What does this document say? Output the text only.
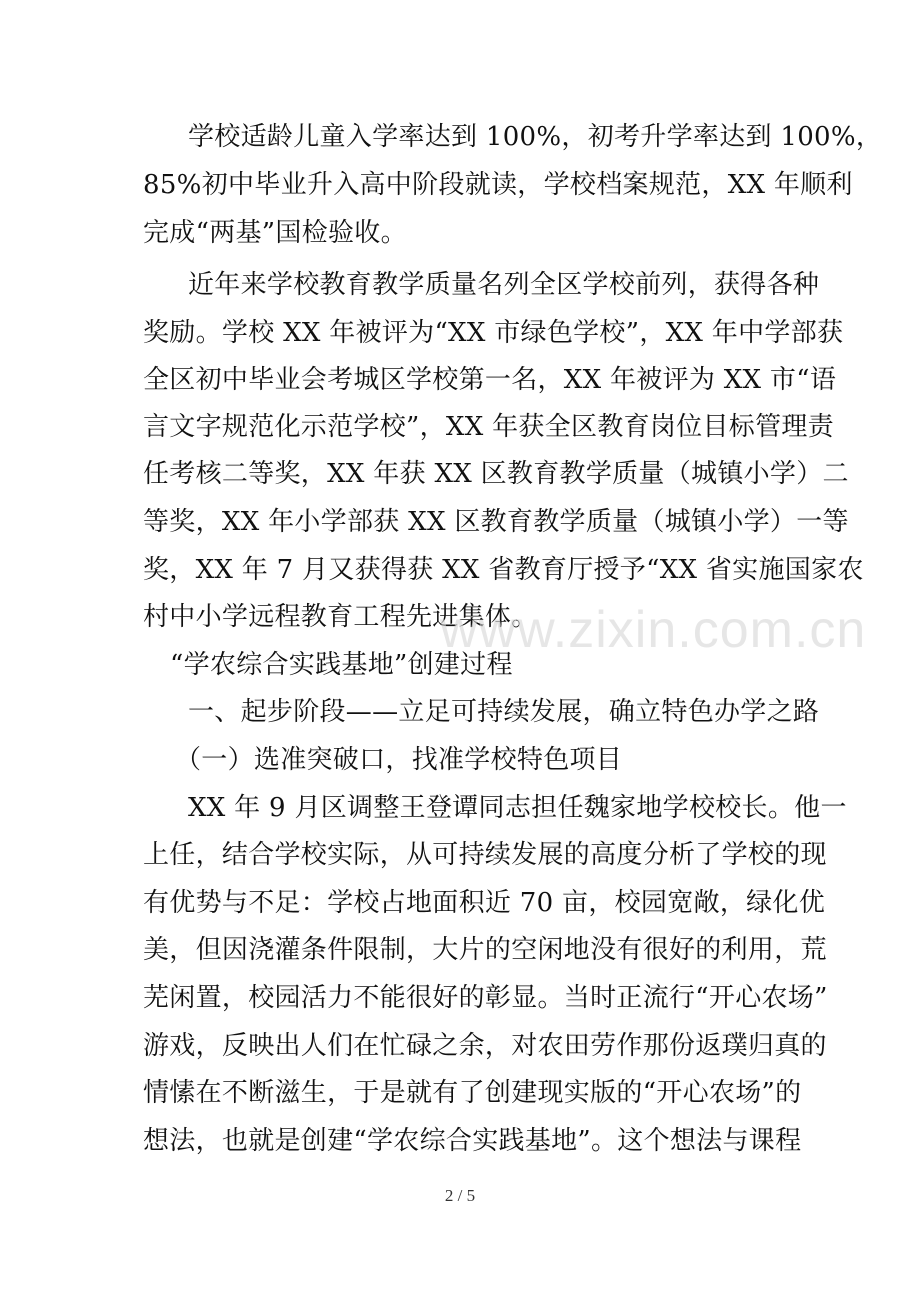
学校适龄儿童入学率达到 100%，初考升学率达到 100%，
85%初中毕业升入高中阶段就读，学校档案规范，XX 年顺利
完成“两基”国检验收。
近年来学校教育教学质量名列全区学校前列，获得各种
奖励。学校 XX 年被评为“XX 市绿色学校”，XX 年中学部获
全区初中毕业会考城区学校第一名，XX 年被评为 XX 市“语
言文字规范化示范学校”，XX 年获全区教育岗位目标管理责
任考核二等奖，XX 年获 XX 区教育教学质量（城镇小学）二
等奖，XX 年小学部获 XX 区教育教学质量（城镇小学）一等
奖，XX 年 7 月又获得获 XX 省教育厅授予“XX 省实施国家农
村中小学远程教育工程先进集体。
“学农综合实践基地”创建过程
一、起步阶段——立足可持续发展，确立特色办学之路
（一）选准突破口，找准学校特色项目
XX 年 9 月区调整王登谭同志担任魏家地学校校长。他一
上任，结合学校实际，从可持续发展的高度分析了学校的现
有优势与不足：学校占地面积近 70 亩，校园宽敞，绿化优
美，但因浇灌条件限制，大片的空闲地没有很好的利用，荒
芜闲置，校园活力不能很好的彰显。当时正流行“开心农场”
游戏，反映出人们在忙碌之余，对农田劳作那份返璞归真的
情愫在不断滋生，于是就有了创建现实版的“开心农场”的
想法，也就是创建“学农综合实践基地”。这个想法与课程
www.zixin.com.cn
2 / 5
